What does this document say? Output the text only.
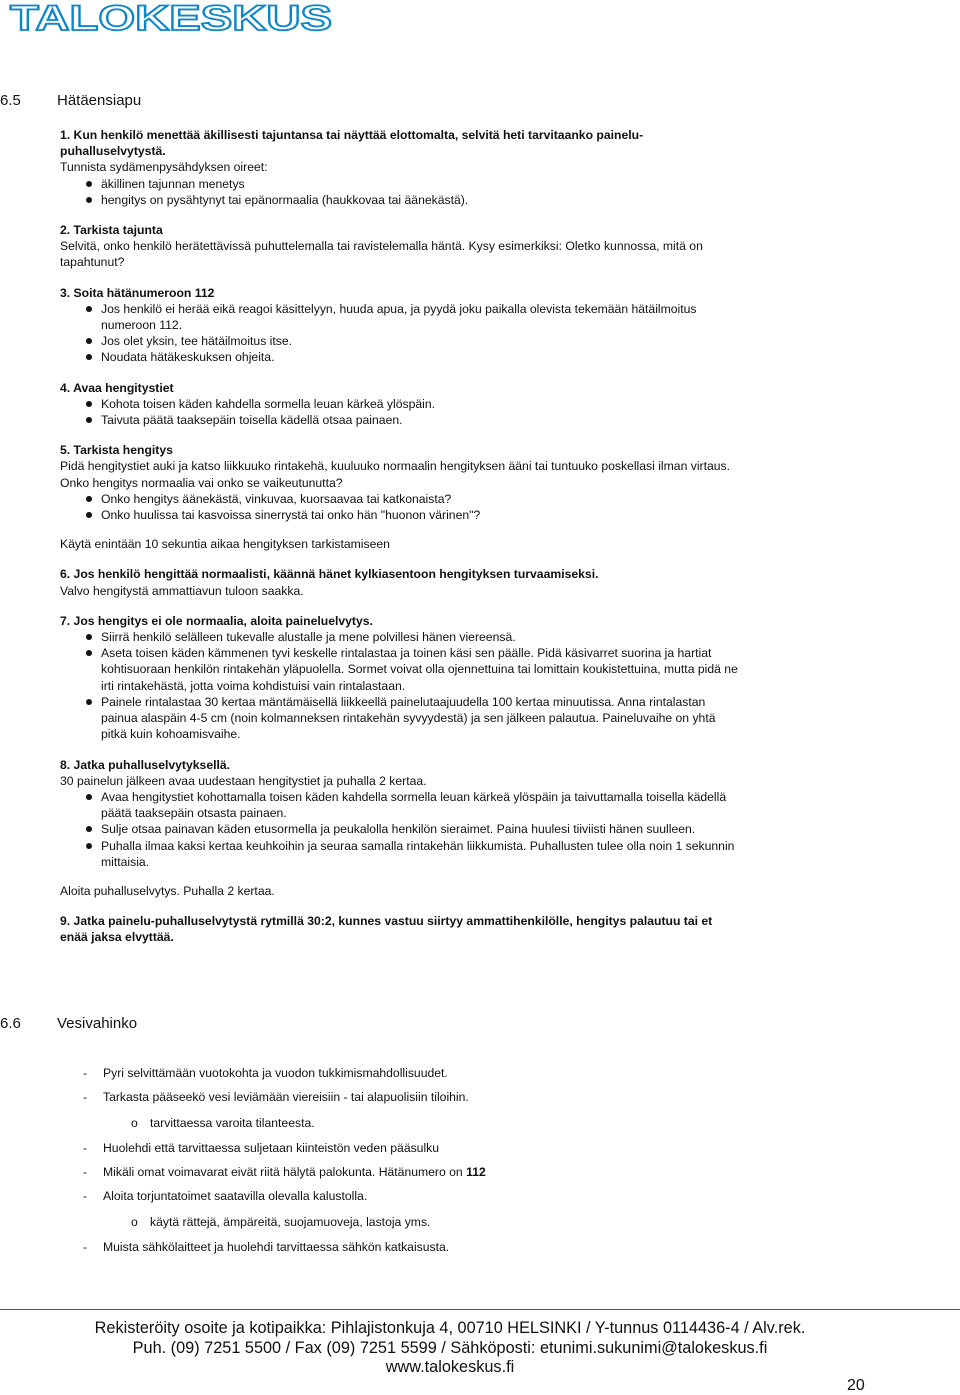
TALOKESKUS
6.5 Hätäensiapu

1. Kun henkilö menettää äkillisesti tajuntansa tai näyttää elottomalta, selvitä heti tarvitaanko painelu-puhalluselvytystä.

Tunnista sydämenpysähdyksen oireet:

äkillinen tajunnan menetys
hengitys on pysähtynyt tai epänormaalia (haukkovaa tai äänekästä).

2. Tarkista tajunta

Selvitä, onko henkilö herätettävissä puhuttelemalla tai ravistelemalla häntä. Kysy esimerkiksi: Oletko kunnossa, mitä on tapahtunut?

3. Soita hätänumeroon 112

Jos henkilö ei herää eikä reagoi käsittelyyn, huuda apua, ja pyydä joku paikalla olevista tekemään hätäilmoitus numeroon 112.
Jos olet yksin, tee hätäilmoitus itse.
Noudata hätäkeskuksen ohjeita.

4. Avaa hengitystiet

Kohota toisen käden kahdella sormella leuan kärkeä ylöspäin.
Taivuta päätä taaksepäin toisella kädellä otsaa painaen.

5. Tarkista hengitys

Pidä hengitystiet auki ja katso liikkuuko rintakehä, kuuluuko normaalin hengityksen ääni tai tuntuuko poskellasi ilman virtaus.

Onko hengitys normaalia vai onko se vaikeutunutta?

Onko hengitys äänekästä, vinkuvaa, kuorsaavaa tai katkonaista?
Onko huulissa tai kasvoissa sinerrystä tai onko hän "huonon värinen"?

Käytä enintään 10 sekuntia aikaa hengityksen tarkistamiseen

6. Jos henkilö hengittää normaalisti, käännä hänet kylkiasentoon hengityksen turvaamiseksi.

Valvo hengitystä ammattiavun tuloon saakka.

7. Jos hengitys ei ole normaalia, aloita paineluelvytys.

Siirrä henkilö selälleen tukevalle alustalle ja mene polvillesi hänen viereensä.
Aseta toisen käden kämmenen tyvi keskelle rintalastaa ja toinen käsi sen päälle. Pidä käsivarret suorina ja hartiat kohtisuoraan henkilön rintakehän yläpuolella. Sormet voivat olla ojennettuina tai lomittain koukistettuina, mutta pidä ne irti rintakehästä, jotta voima kohdistuisi vain rintalastaan.
Painele rintalastaa 30 kertaa mäntämäisellä liikkeellä painelutaajuudella 100 kertaa minuutissa. Anna rintalastan painua alaspäin 4-5 cm (noin kolmanneksen rintakehän syvyydestä) ja sen jälkeen palautua. Paineluvaihe on yhtä pitkä kuin kohoamisvaihe.

8. Jatka puhalluselvytyksellä.

30 painelun jälkeen avaa uudestaan hengitystiet ja puhalla 2 kertaa.

Avaa hengitystiet kohottamalla toisen käden kahdella sormella leuan kärkeä ylöspäin ja taivuttamalla toisella kädellä päätä taaksepäin otsasta painaen.
Sulje otsaa painavan käden etusormella ja peukalolla henkilön sieraimet. Paina huulesi tiiviisti hänen suulleen.
Puhalla ilmaa kaksi kertaa keuhkoihin ja seuraa samalla rintakehän liikkumista. Puhallusten tulee olla noin 1 sekunnin mittaisia.

Aloita puhalluselvytys. Puhalla 2 kertaa.

9. Jatka painelu-puhalluselvytystä rytmillä 30:2, kunnes vastuu siirtyy ammattihenkilölle, hengitys palautuu tai et enää jaksa elvyttää.

6.6 Vesivahinko
- Pyri selvittämään vuotokohta ja vuodon tukkimismahdollisuudet.
- Tarkasta pääseekö vesi leviämään viereisiin - tai alapuolisiin tiloihin.
o tarvittaessa varoita tilanteesta.
- Huolehdi että tarvittaessa suljetaan kiinteistön veden pääsulku
- Mikäli omat voimavarat eivät riitä hälytä palokunta. Hätänumero on 112
- Aloita torjuntatoimet saatavilla olevalla kalustolla.
o käytä rättejä, ämpäreitä, suojamuoveja, lastoja yms.
- Muista sähkölaitteet ja huolehdi tarvittaessa sähkön katkaisusta.
Rekisteröity osoite ja kotipaikka: Pihlajistonkuja 4, 00710 HELSINKI / Y-tunnus 0114436-4 / Alv.rek.
Puh. (09) 7251 5500 / Fax (09) 7251 5599 / Sähköposti: etunimi.sukunimi@talokeskus.fi
www.talokeskus.fi
20
